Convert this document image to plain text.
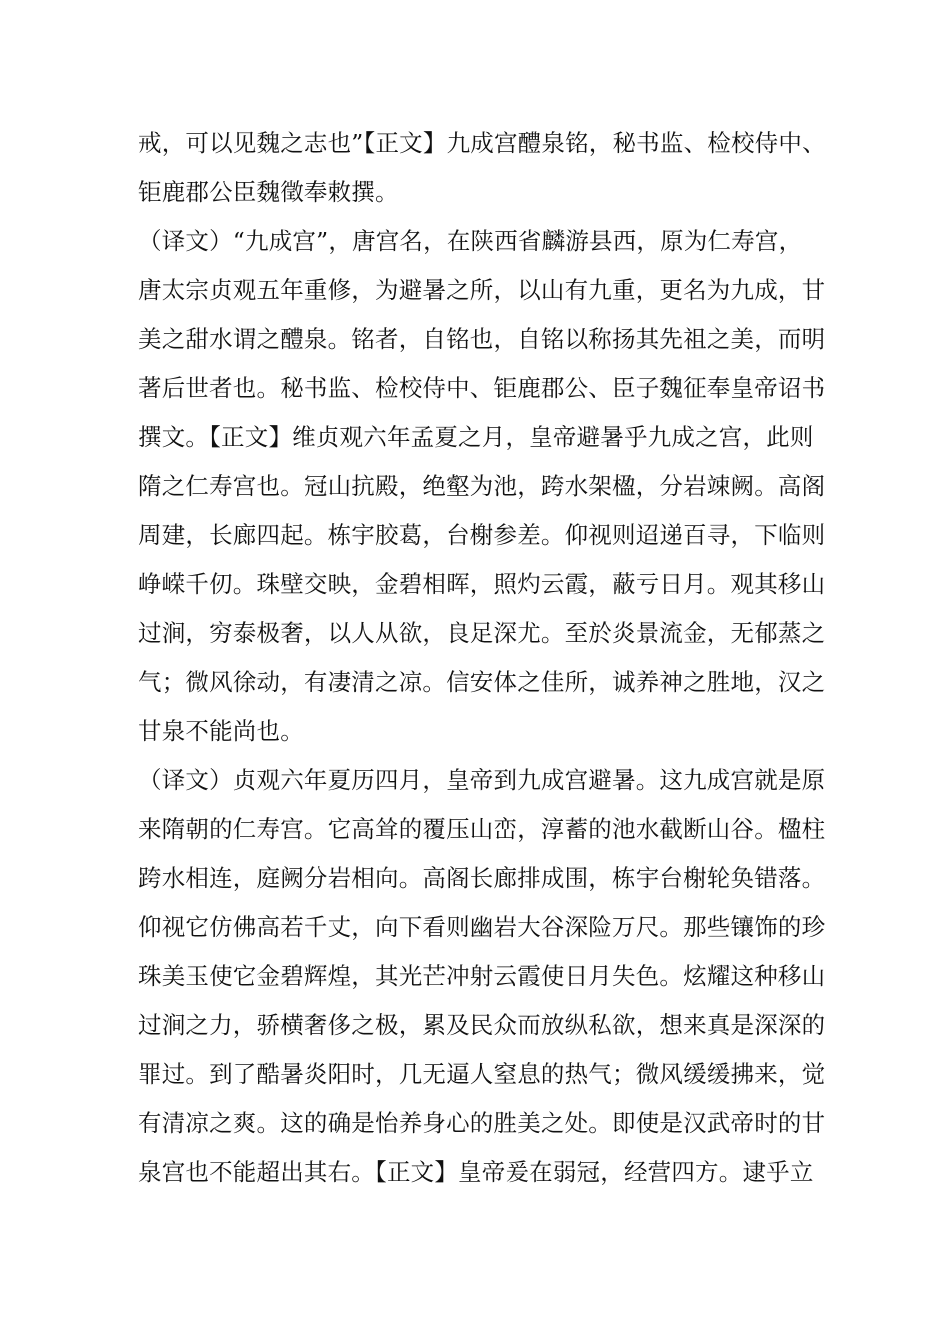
戒，可以见魏之志也”【正文】九成宫醴泉铭，秘书监、检校侍中、
钜鹿郡公臣魏徵奉敕撰。
（译文）“九成宫”，唐宫名，在陕西省麟游县西，原为仁寿宫，
唐太宗贞观五年重修，为避暑之所，以山有九重，更名为九成，甘
美之甜水谓之醴泉。铭者，自铭也，自铭以称扬其先祖之美，而明
著后世者也。秘书监、检校侍中、钜鹿郡公、臣子魏征奉皇帝诏书
撰文。【正文】维贞观六年孟夏之月，皇帝避暑乎九成之宫，此则
隋之仁寿宫也。冠山抗殿，绝壑为池，跨水架楹，分岩竦阙。高阁
周建，长廊四起。栋宇胶葛，台榭参差。仰视则迢递百寻，下临则
峥嵘千仞。珠壁交映，金碧相晖，照灼云霞，蔽亏日月。观其移山
过涧，穷泰极奢，以人从欲，良足深尤。至於炎景流金，无郁蒸之
气；微风徐动，有凄清之凉。信安体之佳所，诚养神之胜地，汉之
甘泉不能尚也。
（译文）贞观六年夏历四月，皇帝到九成宫避暑。这九成宫就是原
来隋朝的仁寿宫。它高耸的覆压山峦，淳蓄的池水截断山谷。楹柱
跨水相连，庭阙分岩相向。高阁长廊排成围，栋宇台榭轮奂错落。
仰视它仿佛高若千丈，向下看则幽岩大谷深险万尺。那些镶饰的珍
珠美玉使它金碧辉煌，其光芒冲射云霞使日月失色。炫耀这种移山
过涧之力，骄横奢侈之极，累及民众而放纵私欲，想来真是深深的
罪过。到了酷暑炎阳时，几无逼人窒息的热气；微风缓缓拂来，觉
有清凉之爽。这的确是怡养身心的胜美之处。即使是汉武帝时的甘
泉宫也不能超出其右。【正文】皇帝爰在弱冠，经营四方。逮乎立
